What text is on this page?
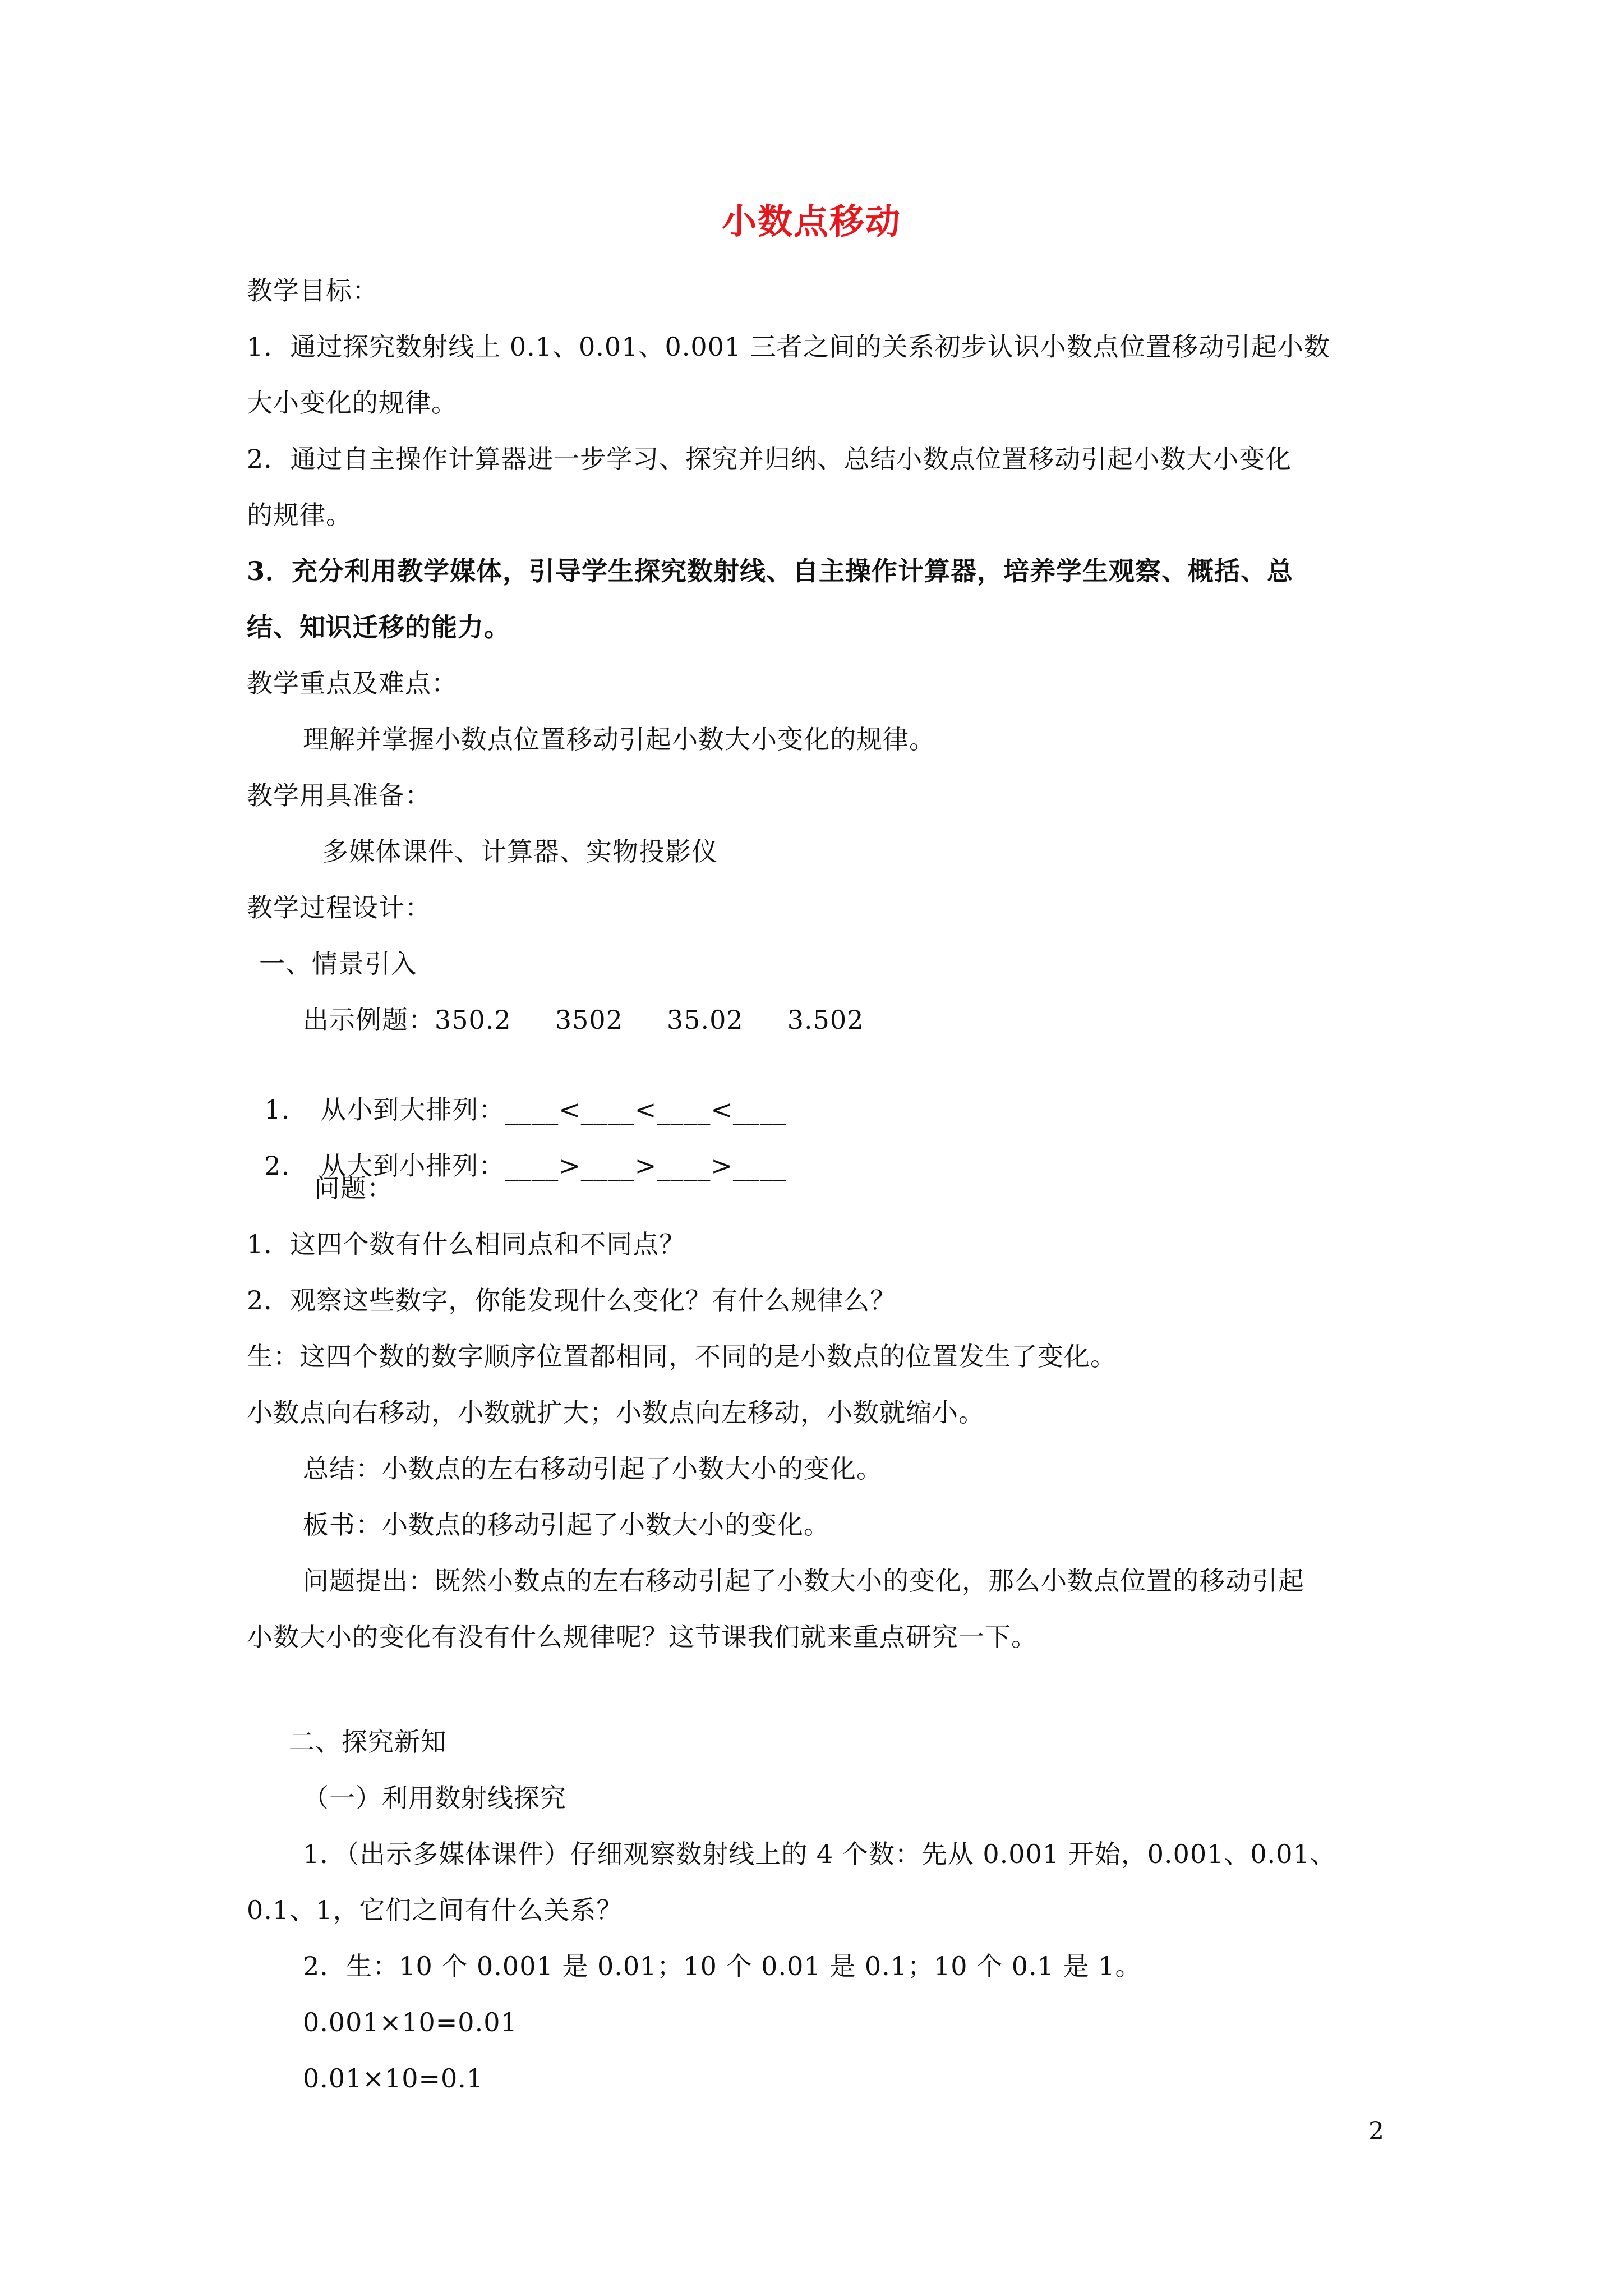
小数点移动
教学目标：
1．通过探究数射线上 0.1、0.01、0.001 三者之间的关系初步认识小数点位置移动引起小数
大小变化的规律。
2．通过自主操作计算器进一步学习、探究并归纳、总结小数点位置移动引起小数大小变化
的规律。
3．充分利用教学媒体，引导学生探究数射线、自主操作计算器，培养学生观察、概括、总
结、知识迁移的能力。
教学重点及难点：
理解并掌握小数点位置移动引起小数大小变化的规律。
教学用具准备：
多媒体课件、计算器、实物投影仪
教学过程设计：
一、情景引入
出示例题：350.2     3502     35.02     3.502

1. 从小到大排列：____<____<____<____

2. 从大到小排列：____>____>____>____

问题：
1．这四个数有什么相同点和不同点？
2．观察这些数字，你能发现什么变化？有什么规律么？
生：这四个数的数字顺序位置都相同，不同的是小数点的位置发生了变化。
小数点向右移动，小数就扩大；小数点向左移动，小数就缩小。
总结：小数点的左右移动引起了小数大小的变化。
板书：小数点的移动引起了小数大小的变化。
问题提出：既然小数点的左右移动引起了小数大小的变化，那么小数点位置的移动引起
小数大小的变化有没有什么规律呢？这节课我们就来重点研究一下。
二、探究新知
（一）利用数射线探究
1．（出示多媒体课件）仔细观察数射线上的 4 个数：先从 0.001 开始，0.001、0.01、
0.1、1，它们之间有什么关系？
2．生：10 个 0.001 是 0.01；10 个 0.01 是 0.1；10 个 0.1 是 1。
0.001×10=0.01
0.01×10=0.1
2
